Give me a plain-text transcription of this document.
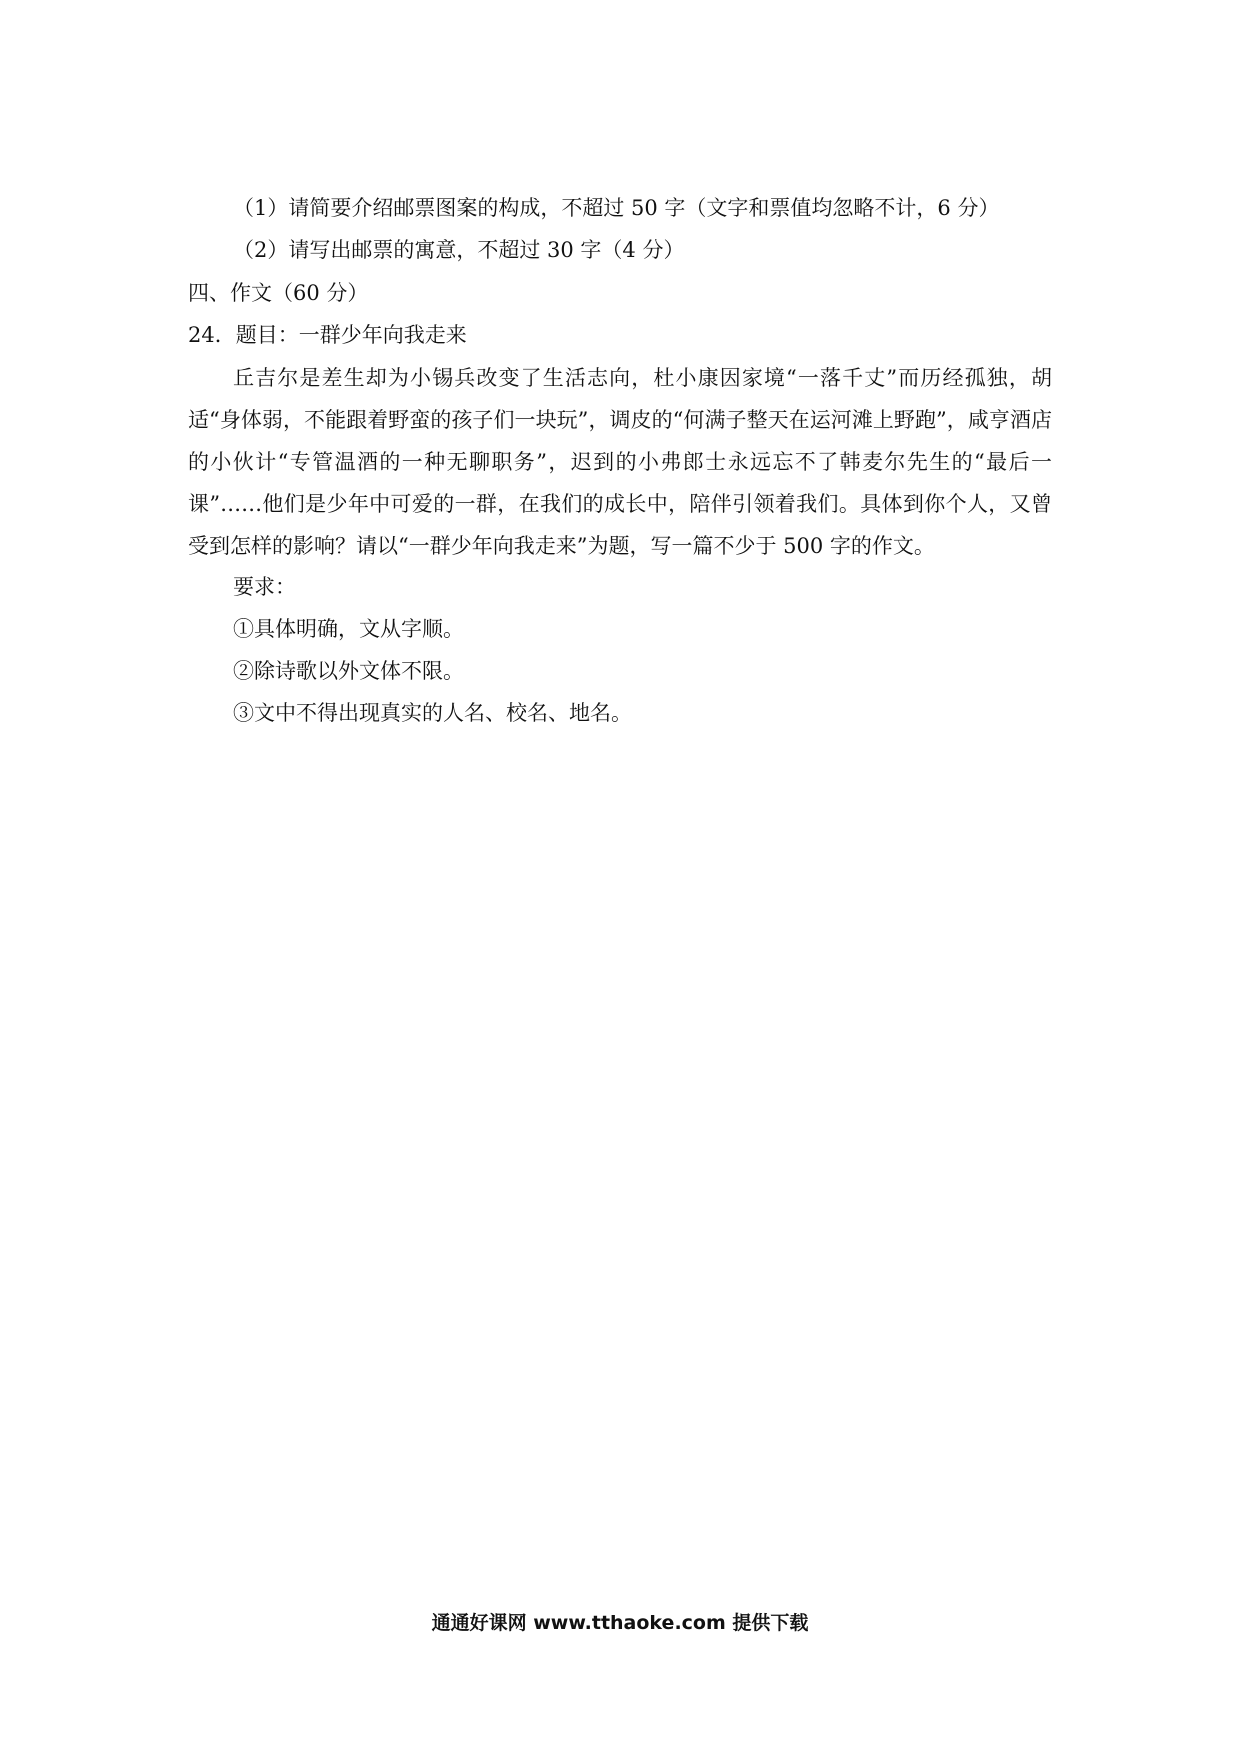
（1）请简要介绍邮票图案的构成，不超过 50 字（文字和票值均忽略不计，6 分）
（2）请写出邮票的寓意，不超过 30 字（4 分）
四、作文（60 分）
24．题目：一群少年向我走来
丘吉尔是差生却为小锡兵改变了生活志向，杜小康因家境“一落千丈”而历经孤独，胡适“身体弱，不能跟着野蛮的孩子们一块玩”，调皮的“何满子整天在运河滩上野跑”，咸亨酒店的小伙计“专管温酒的一种无聊职务”，迟到的小弗郎士永远忘不了韩麦尔先生的“最后一课”……他们是少年中可爱的一群，在我们的成长中，陪伴引领着我们。具体到你个人，又曾受到怎样的影响？请以“一群少年向我走来”为题，写一篇不少于 500 字的作文。
要求：
①具体明确，文从字顺。
②除诗歌以外文体不限。
③文中不得出现真实的人名、校名、地名。
通通好课网 www.tthaoke.com 提供下载
